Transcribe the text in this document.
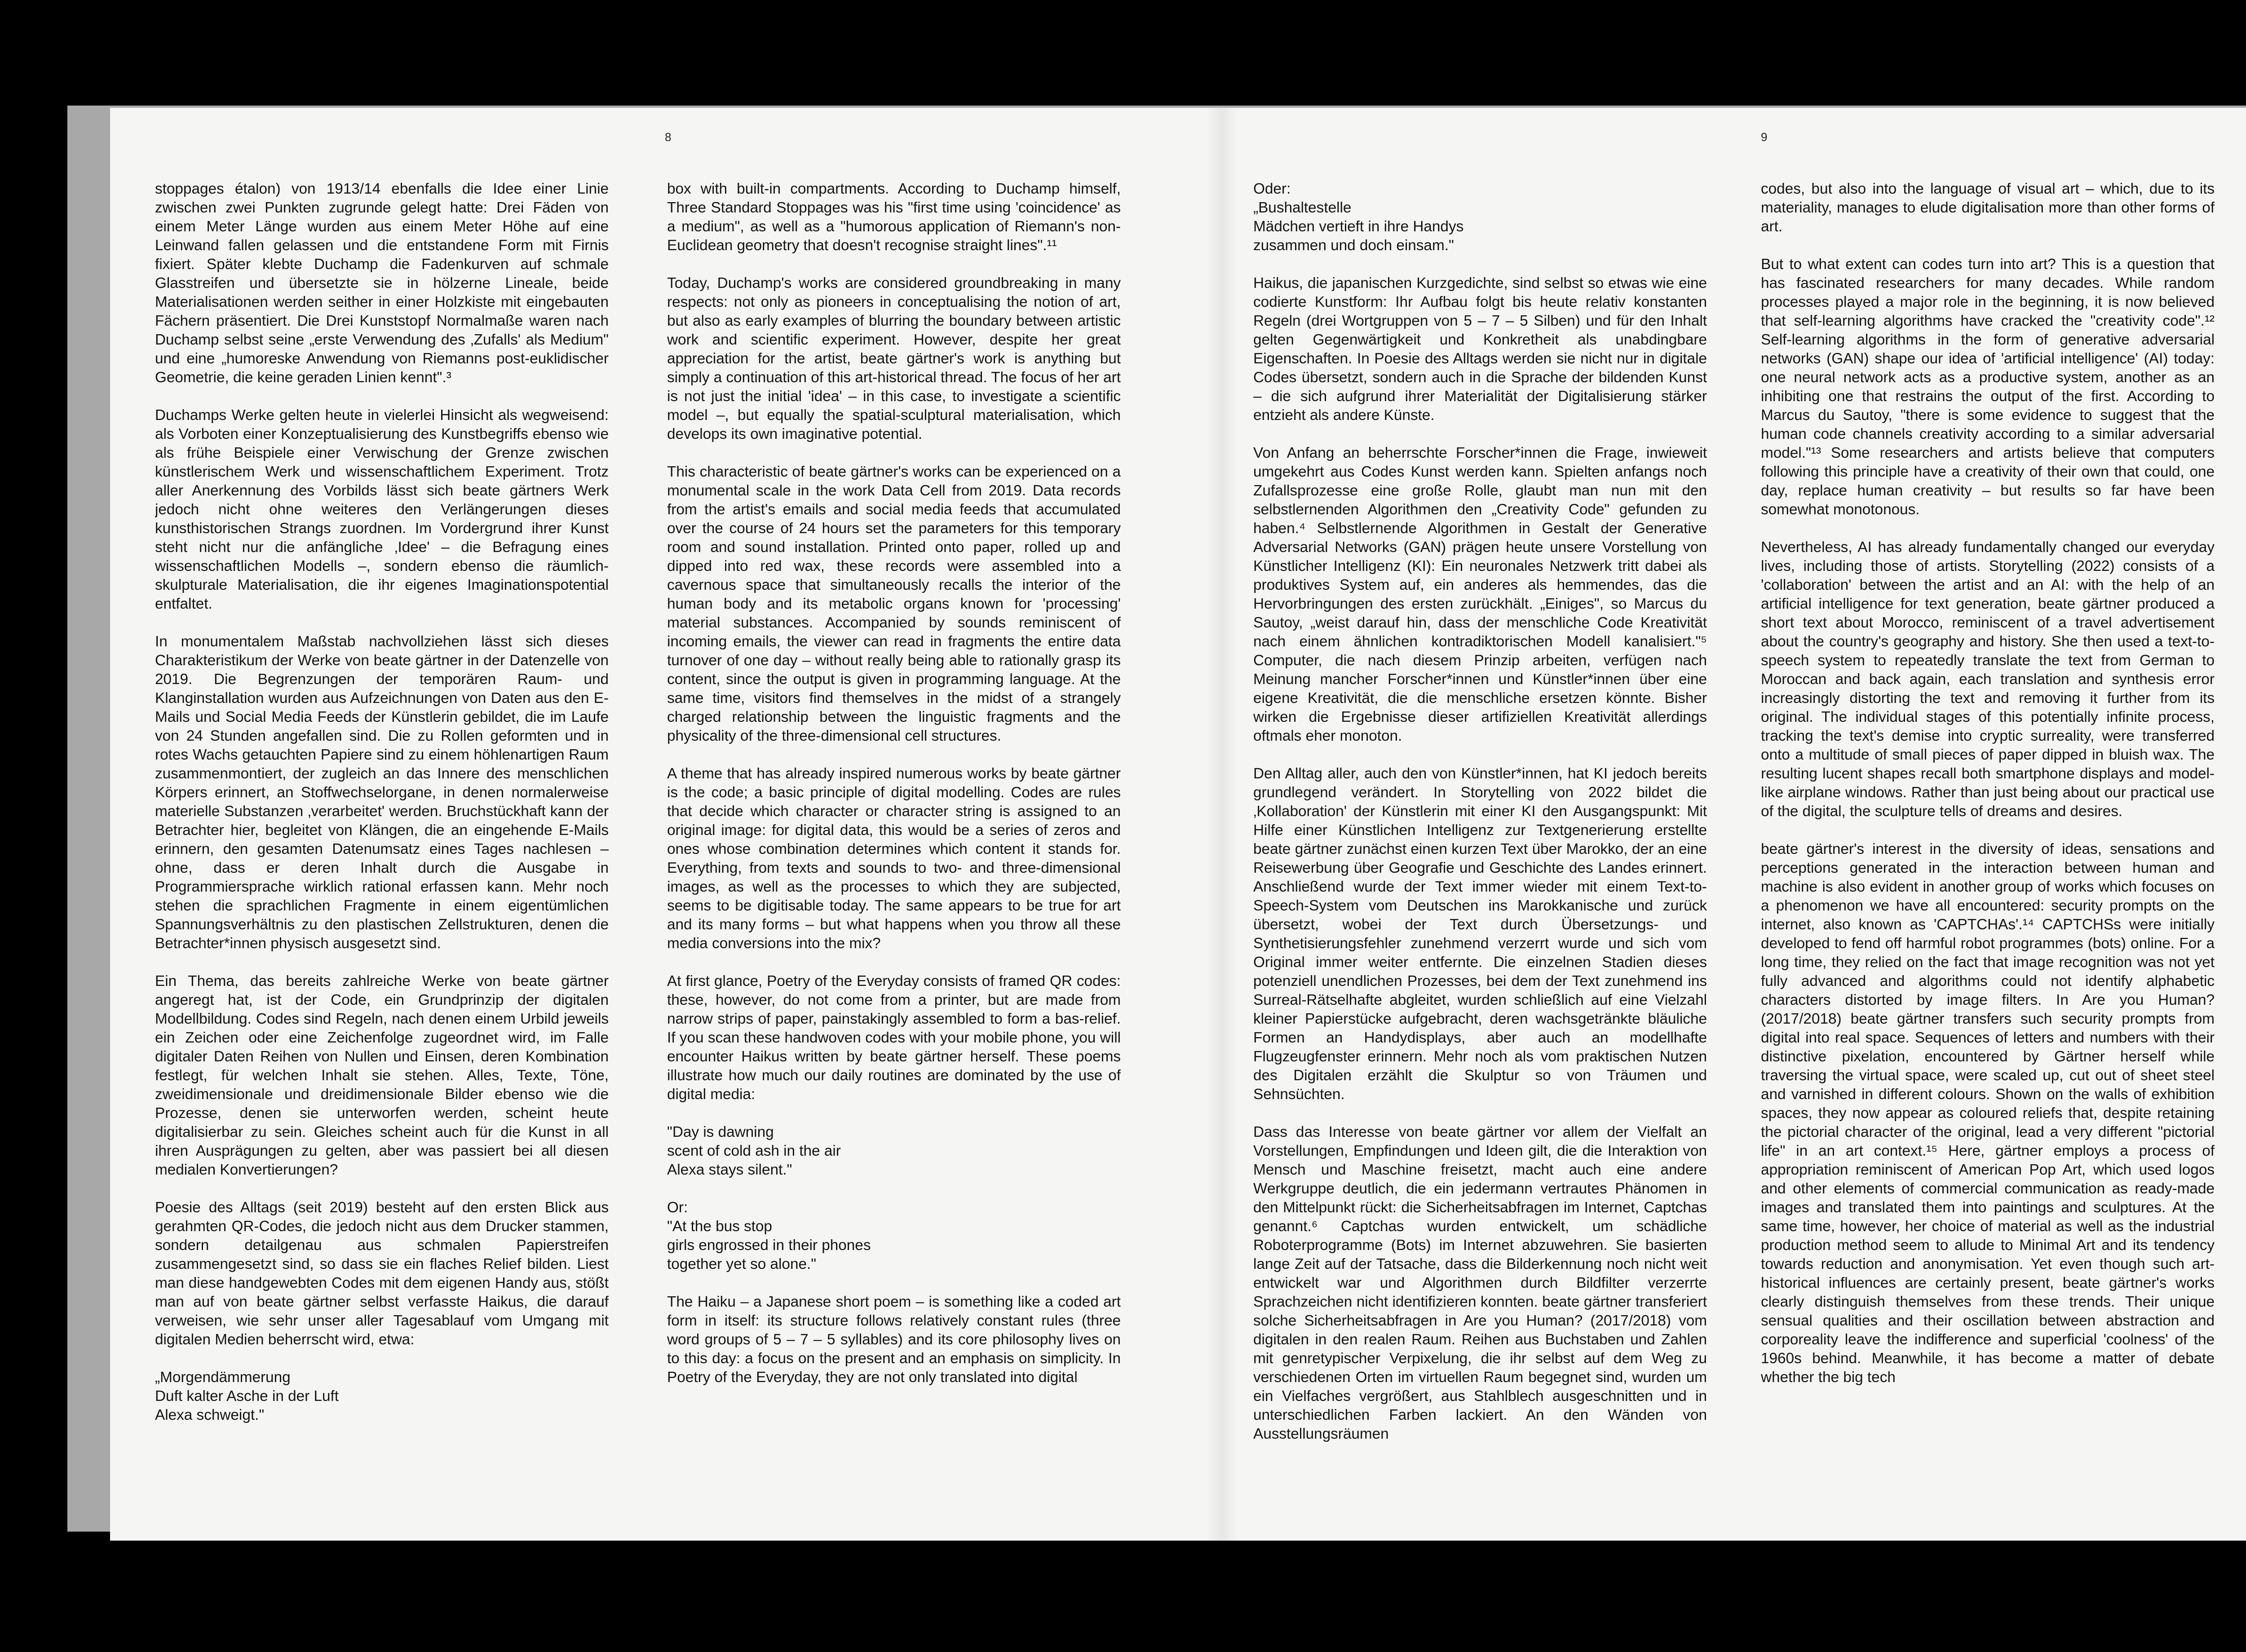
8	9

stoppages étalon) von 1913/14 ebenfalls die Idee einer Linie zwischen zwei Punkten zugrunde gelegt hatte: Drei Fäden von einem Meter Länge wurden aus einem Meter Höhe auf eine Leinwand fallen gelassen und die entstandene Form mit Firnis fixiert. Später klebte Duchamp die Fadenkurven auf schmale Glasstreifen und übersetzte sie in hölzerne Lineale, beide Materialisationen werden seither in einer Holzkiste mit eingebauten Fächern präsentiert. Die Drei Kunststopf Normalmaße waren nach Duchamp selbst seine „erste Verwendung des ‚Zufalls' als Medium" und eine „humoreske Anwendung von Riemanns post-euklidischer Geometrie, die keine geraden Linien kennt".³

Duchamps Werke gelten heute in vielerlei Hinsicht als wegweisend: als Vorboten einer Konzeptualisierung des Kunstbegriffs ebenso wie als frühe Beispiele einer Verwischung der Grenze zwischen künstlerischem Werk und wissenschaftlichem Experiment. Trotz aller Anerkennung des Vorbilds lässt sich beate gärtners Werk jedoch nicht ohne weiteres den Verlängerungen dieses kunsthistorischen Strangs zuordnen. Im Vordergrund ihrer Kunst steht nicht nur die anfängliche ‚Idee' – die Befragung eines wissenschaftlichen Modells –, sondern ebenso die räumlich-skulpturale Materialisation, die ihr eigenes Imaginationspotential entfaltet.

In monumentalem Maßstab nachvollziehen lässt sich dieses Charakteristikum der Werke von beate gärtner in der Datenzelle von 2019. Die Begrenzungen der temporären Raum- und Klanginstallation wurden aus Aufzeichnungen von Daten aus den E-Mails und Social Media Feeds der Künstlerin gebildet, die im Laufe von 24 Stunden angefallen sind. Die zu Rollen geformten und in rotes Wachs getauchten Papiere sind zu einem höhlenartigen Raum zusammenmontiert, der zugleich an das Innere des menschlichen Körpers erinnert, an Stoffwechselorgane, in denen normalerweise materielle Substanzen ‚verarbeitet' werden. Bruchstückhaft kann der Betrachter hier, begleitet von Klängen, die an eingehende E-Mails erinnern, den gesamten Datenumsatz eines Tages nachlesen – ohne, dass er deren Inhalt durch die Ausgabe in Programmiersprache wirklich rational erfassen kann. Mehr noch stehen die sprachlichen Fragmente in einem eigentümlichen Spannungsverhältnis zu den plastischen Zellstrukturen, denen die Betrachter*innen physisch ausgesetzt sind.

Ein Thema, das bereits zahlreiche Werke von beate gärtner angeregt hat, ist der Code, ein Grundprinzip der digitalen Modellbildung. Codes sind Regeln, nach denen einem Urbild jeweils ein Zeichen oder eine Zeichenfolge zugeordnet wird, im Falle digitaler Daten Reihen von Nullen und Einsen, deren Kombination festlegt, für welchen Inhalt sie stehen. Alles, Texte, Töne, zweidimensionale und dreidimensionale Bilder ebenso wie die Prozesse, denen sie unterworfen werden, scheint heute digitalisierbar zu sein. Gleiches scheint auch für die Kunst in all ihren Ausprägungen zu gelten, aber was passiert bei all diesen medialen Konvertierungen?

Poesie des Alltags (seit 2019) besteht auf den ersten Blick aus gerahmten QR-Codes, die jedoch nicht aus dem Drucker stammen, sondern detailgenau aus schmalen Papierstreifen zusammengesetzt sind, so dass sie ein flaches Relief bilden. Liest man diese handgewebten Codes mit dem eigenen Handy aus, stößt man auf von beate gärtner selbst verfasste Haikus, die darauf verweisen, wie sehr unser aller Tagesablauf vom Umgang mit digitalen Medien beherrscht wird, etwa:

„Morgendämmerung
Duft kalter Asche in der Luft
Alexa schweigt."

box with built-in compartments. According to Duchamp himself, Three Standard Stoppages was his "first time using 'coincidence' as a medium", as well as a "humorous application of Riemann's non-Euclidean geometry that doesn't recognise straight lines".¹¹

Today, Duchamp's works are considered groundbreaking in many respects: not only as pioneers in conceptualising the notion of art, but also as early examples of blurring the boundary between artistic work and scientific experiment. However, despite her great appreciation for the artist, beate gärtner's work is anything but simply a continuation of this art-historical thread. The focus of her art is not just the initial 'idea' – in this case, to investigate a scientific model –, but equally the spatial-sculptural materialisation, which develops its own imaginative potential.

This characteristic of beate gärtner's works can be experienced on a monumental scale in the work Data Cell from 2019. Data records from the artist's emails and social media feeds that accumulated over the course of 24 hours set the parameters for this temporary room and sound installation. Printed onto paper, rolled up and dipped into red wax, these records were assembled into a cavernous space that simultaneously recalls the interior of the human body and its metabolic organs known for 'processing' material substances. Accompanied by sounds reminiscent of incoming emails, the viewer can read in fragments the entire data turnover of one day – without really being able to rationally grasp its content, since the output is given in programming language. At the same time, visitors find themselves in the midst of a strangely charged relationship between the linguistic fragments and the physicality of the three-dimensional cell structures.

A theme that has already inspired numerous works by beate gärtner is the code; a basic principle of digital modelling. Codes are rules that decide which character or character string is assigned to an original image: for digital data, this would be a series of zeros and ones whose combination determines which content it stands for. Everything, from texts and sounds to two- and three-dimensional images, as well as the processes to which they are subjected, seems to be digitisable today. The same appears to be true for art and its many forms – but what happens when you throw all these media conversions into the mix?

At first glance, Poetry of the Everyday consists of framed QR codes: these, however, do not come from a printer, but are made from narrow strips of paper, painstakingly assembled to form a bas-relief. If you scan these handwoven codes with your mobile phone, you will encounter Haikus written by beate gärtner herself. These poems illustrate how much our daily routines are dominated by the use of digital media:

"Day is dawning
scent of cold ash in the air
Alexa stays silent."

Or:
"At the bus stop
girls engrossed in their phones
together yet so alone."

The Haiku – a Japanese short poem – is something like a coded art form in itself: its structure follows relatively constant rules (three word groups of 5 – 7 – 5 syllables) and its core philosophy lives on to this day: a focus on the present and an emphasis on simplicity. In Poetry of the Everyday, they are not only translated into digital

Oder:
„Bushaltestelle
Mädchen vertieft in ihre Handys
zusammen und doch einsam."

Haikus, die japanischen Kurzgedichte, sind selbst so etwas wie eine codierte Kunstform: Ihr Aufbau folgt bis heute relativ konstanten Regeln (drei Wortgruppen von 5 – 7 – 5 Silben) und für den Inhalt gelten Gegenwärtigkeit und Konkretheit als unabdingbare Eigenschaften. In Poesie des Alltags werden sie nicht nur in digitale Codes übersetzt, sondern auch in die Sprache der bildenden Kunst – die sich aufgrund ihrer Materialität der Digitalisierung stärker entzieht als andere Künste.

Von Anfang an beherrschte Forscher*innen die Frage, inwieweit umgekehrt aus Codes Kunst werden kann. Spielten anfangs noch Zufallsprozesse eine große Rolle, glaubt man nun mit den selbstlernenden Algorithmen den „Creativity Code" gefunden zu haben.⁴ Selbstlernende Algorithmen in Gestalt der Generative Adversarial Networks (GAN) prägen heute unsere Vorstellung von Künstlicher Intelligenz (KI): Ein neuronales Netzwerk tritt dabei als produktives System auf, ein anderes als hemmendes, das die Hervorbringungen des ersten zurückhält. „Einiges", so Marcus du Sautoy, „weist darauf hin, dass der menschliche Code Kreativität nach einem ähnlichen kontradiktorischen Modell kanalisiert."⁵ Computer, die nach diesem Prinzip arbeiten, verfügen nach Meinung mancher Forscher*innen und Künstler*innen über eine eigene Kreativität, die die menschliche ersetzen könnte. Bisher wirken die Ergebnisse dieser artifiziellen Kreativität allerdings oftmals eher monoton.

Den Alltag aller, auch den von Künstler*innen, hat KI jedoch bereits grundlegend verändert. In Storytelling von 2022 bildet die ‚Kollaboration' der Künstlerin mit einer KI den Ausgangspunkt: Mit Hilfe einer Künstlichen Intelligenz zur Textgenerierung erstellte beate gärtner zunächst einen kurzen Text über Marokko, der an eine Reisewerbung über Geografie und Geschichte des Landes erinnert. Anschließend wurde der Text immer wieder mit einem Text-to-Speech-System vom Deutschen ins Marokkanische und zurück übersetzt, wobei der Text durch Übersetzungs- und Synthetisierungsfehler zunehmend verzerrt wurde und sich vom Original immer weiter entfernte. Die einzelnen Stadien dieses potenziell unendlichen Prozesses, bei dem der Text zunehmend ins Surreal-Rätselhafte abgleitet, wurden schließlich auf eine Vielzahl kleiner Papierstücke aufgebracht, deren wachsgetränkte bläuliche Formen an Handydisplays, aber auch an modellhafte Flugzeugfenster erinnern. Mehr noch als vom praktischen Nutzen des Digitalen erzählt die Skulptur so von Träumen und Sehnsüchten.

Dass das Interesse von beate gärtner vor allem der Vielfalt an Vorstellungen, Empfindungen und Ideen gilt, die die Interaktion von Mensch und Maschine freisetzt, macht auch eine andere Werkgruppe deutlich, die ein jedermann vertrautes Phänomen in den Mittelpunkt rückt: die Sicherheitsabfragen im Internet, Captchas genannt.⁶ Captchas wurden entwickelt, um schädliche Roboterprogramme (Bots) im Internet abzuwehren. Sie basierten lange Zeit auf der Tatsache, dass die Bilderkennung noch nicht weit entwickelt war und Algorithmen durch Bildfilter verzerrte Sprachzeichen nicht identifizieren konnten. beate gärtner transferiert solche Sicherheitsabfragen in Are you Human? (2017/2018) vom digitalen in den realen Raum. Reihen aus Buchstaben und Zahlen mit genretypischer Verpixelung, die ihr selbst auf dem Weg zu verschiedenen Orten im virtuellen Raum begegnet sind, wurden um ein Vielfaches vergrößert, aus Stahlblech ausgeschnitten und in unterschiedlichen Farben lackiert. An den Wänden von Ausstellungsräumen

codes, but also into the language of visual art – which, due to its materiality, manages to elude digitalisation more than other forms of art.

But to what extent can codes turn into art? This is a question that has fascinated researchers for many decades. While random processes played a major role in the beginning, it is now believed that self-learning algorithms have cracked the "creativity code".¹² Self-learning algorithms in the form of generative adversarial networks (GAN) shape our idea of 'artificial intelligence' (AI) today: one neural network acts as a productive system, another as an inhibiting one that restrains the output of the first. According to Marcus du Sautoy, "there is some evidence to suggest that the human code channels creativity according to a similar adversarial model."¹³ Some researchers and artists believe that computers following this principle have a creativity of their own that could, one day, replace human creativity – but results so far have been somewhat monotonous.

Nevertheless, AI has already fundamentally changed our everyday lives, including those of artists. Storytelling (2022) consists of a 'collaboration' between the artist and an AI: with the help of an artificial intelligence for text generation, beate gärtner produced a short text about Morocco, reminiscent of a travel advertisement about the country's geography and history. She then used a text-to-speech system to repeatedly translate the text from German to Moroccan and back again, each translation and synthesis error increasingly distorting the text and removing it further from its original. The individual stages of this potentially infinite process, tracking the text's demise into cryptic surreality, were transferred onto a multitude of small pieces of paper dipped in bluish wax. The resulting lucent shapes recall both smartphone displays and model-like airplane windows. Rather than just being about our practical use of the digital, the sculpture tells of dreams and desires.

beate gärtner's interest in the diversity of ideas, sensations and perceptions generated in the interaction between human and machine is also evident in another group of works which focuses on a phenomenon we have all encountered: security prompts on the internet, also known as 'CAPTCHAs'.¹⁴ CAPTCHSs were initially developed to fend off harmful robot programmes (bots) online. For a long time, they relied on the fact that image recognition was not yet fully advanced and algorithms could not identify alphabetic characters distorted by image filters. In Are you Human? (2017/2018) beate gärtner transfers such security prompts from digital into real space. Sequences of letters and numbers with their distinctive pixelation, encountered by Gärtner herself while traversing the virtual space, were scaled up, cut out of sheet steel and varnished in different colours. Shown on the walls of exhibition spaces, they now appear as coloured reliefs that, despite retaining the pictorial character of the original, lead a very different "pictorial life" in an art context.¹⁵ Here, gärtner employs a process of appropriation reminiscent of American Pop Art, which used logos and other elements of commercial communication as ready-made images and translated them into paintings and sculptures. At the same time, however, her choice of material as well as the industrial production method seem to allude to Minimal Art and its tendency towards reduction and anonymisation. Yet even though such art-historical influences are certainly present, beate gärtner's works clearly distinguish themselves from these trends. Their unique sensual qualities and their oscillation between abstraction and corporeality leave the indifference and superficial 'coolness' of the 1960s behind. Meanwhile, it has become a matter of debate whether the big tech
